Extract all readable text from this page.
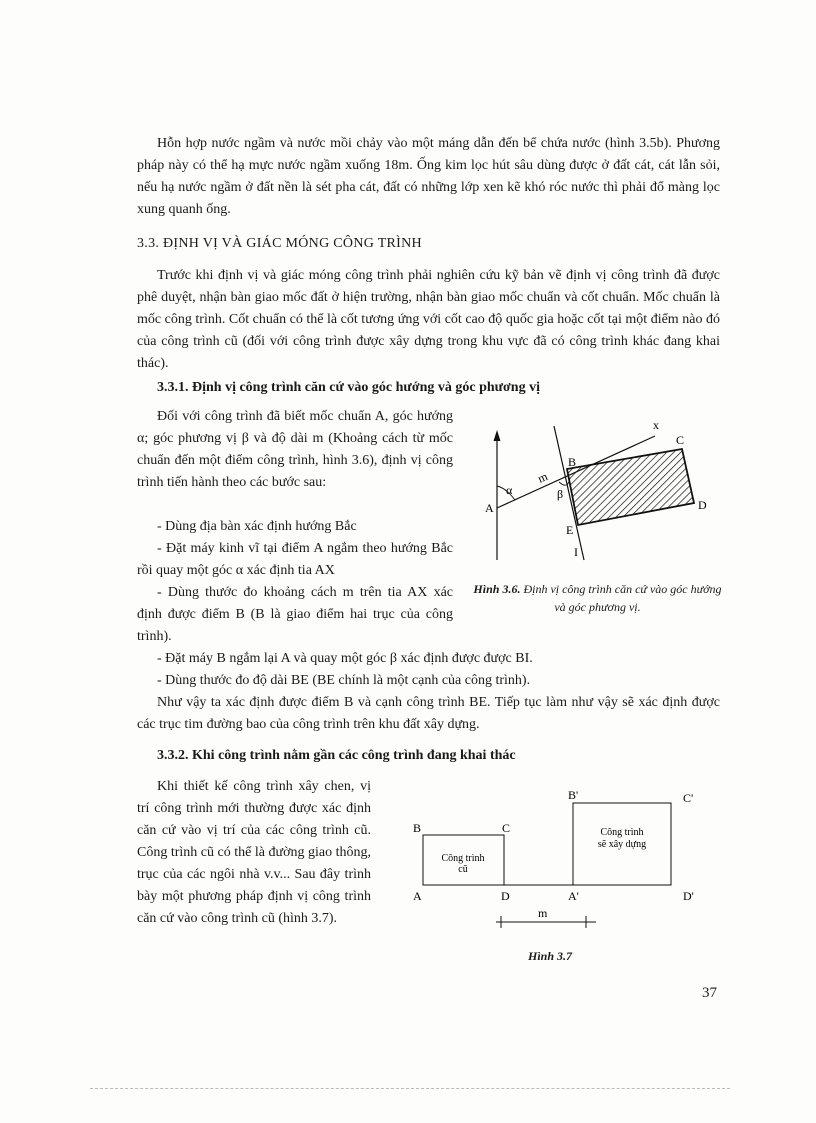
Hỗn hợp nước ngầm và nước mồi chảy vào một máng dẫn đến bể chứa nước (hình 3.5b). Phương pháp này có thể hạ mực nước ngầm xuống 18m. Ống kim lọc hút sâu dùng được ở đất cát, cát lẫn sỏi, nếu hạ nước ngầm ở đất nền là sét pha cát, đất có những lớp xen kẽ khó róc nước thì phải đổ màng lọc xung quanh ống.

3.3. ĐỊNH VỊ VÀ GIÁC MÓNG CÔNG TRÌNH

Trước khi định vị và giác móng công trình phải nghiên cứu kỹ bản vẽ định vị công trình đã được phê duyệt, nhận bàn giao mốc đất ở hiện trường, nhận bàn giao mốc chuẩn và cốt chuẩn. Mốc chuẩn là mốc công trình. Cốt chuẩn có thể là cốt tương ứng với cốt cao độ quốc gia hoặc cốt tại một điểm nào đó của công trình cũ (đối với công trình được xây dựng trong khu vực đã có công trình khác đang khai thác).

3.3.1. Định vị công trình căn cứ vào góc hướng và góc phương vị

Đối với công trình đã biết mốc chuẩn A, góc hướng α; góc phương vị β và độ dài m (Khoảng cách từ mốc chuẩn đến một điểm công trình, hình 3.6), định vị công trình tiến hành theo các bước sau:

- Dùng địa bàn xác định hướng Bắc

- Đặt máy kinh vĩ tại điểm A ngắm theo hướng Bắc rồi quay một góc α xác định tia AX

- Dùng thước đo khoảng cách m trên tia AX xác định được điểm B (B là giao điểm hai trục của công trình).

- Đặt máy B ngắm lại A và quay một góc β xác định được được BI.

- Dùng thước đo độ dài BE (BE chính là một cạnh của công trình).

Như vậy ta xác định được điểm B và cạnh công trình BE. Tiếp tục làm như vậy sẽ xác định được các trục tim đường bao của công trình trên khu đất xây dựng.

x
C
B
m
α	β
A	D
E
I
Hình 3.6. Định vị công trình căn cứ vào góc hướng và góc phương vị.
3.3.2. Khi công trình nằm gần các công trình đang khai thác

Khi thiết kế công trình xây chen, vị trí công trình mới thường được xác định căn cứ vào vị trí của các công trình cũ. Công trình cũ có thể là đường giao thông, trục của các ngôi nhà v.v... Sau đây trình bày một phương pháp định vị công trình căn cứ vào công trình cũ (hình 3.7).

B'	C'
B	C	Công trình
sẽ xây dựng
Công trình
cũ
A	D	A'	D'
m
Hình 3.7
37
